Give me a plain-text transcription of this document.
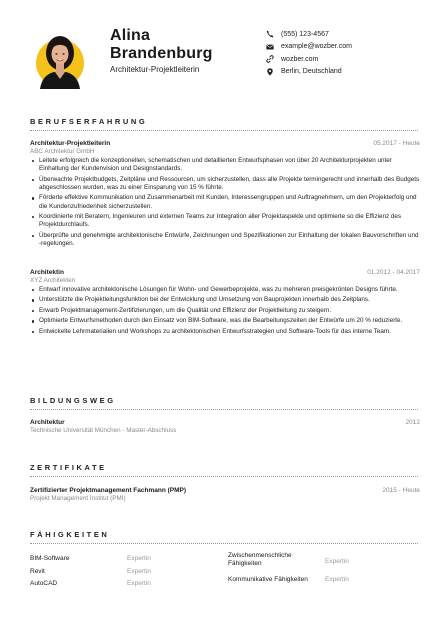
Alina
Brandenburg
Architektur-Projektleiterin
(555) 123-4567
example@wozber.com
wozber.com
Berlin, Deutschland
BERUFSERFAHRUNG
Architektur-Projektleiterin	05.2017 - Heute
ABC Architektur GmbH
Leitete erfolgreich die konzeptionellen, schematischen und detaillierten Entwurfsphasen von über 20 Architekturprojekten unter Einhaltung der Kundenvision und Designstandards.
Überwachte Projektbudgets, Zeitpläne und Ressourcen, um sicherzustellen, dass alle Projekte termingerecht und innerhalb des Budgets abgeschlossen wurden, was zu einer Einsparung von 15 % führte.
Förderte effektive Kommunikation und Zusammenarbeit mit Kunden, Interessengruppen und Auftragnehmern, um den Projekterfolg und die Kundenzufriedenheit sicherzustellen.
Koordinierte mit Beratern, Ingenieuren und externen Teams zur Integration aller Projektaspekte und optimierte so die Effizienz des Projektdurchlaufs.
Überprüfte und genehmigte architektonische Entwürfe, Zeichnungen und Spezifikationen zur Einhaltung der lokalen Bauvorschriften und -regelungen.
Architektin	01.2012 - 04.2017
XYZ Architekten
Entwarf innovative architektonische Lösungen für Wohn- und Gewerbeprojekte, was zu mehreren preisgekrönten Designs führte.
Unterstützte die Projektleitungsfunktion bei der Entwicklung und Umsetzung von Bauprojekten innerhalb des Zeitplans.
Erwarb Projektmanagement-Zertifizierungen, um die Qualität und Effizienz der Projektleitung zu steigern.
Optimierte Entwurfsmethoden durch den Einsatz von BIM-Software, was die Bearbeitungszeiten der Entwürfe um 20 % reduzierte.
Entwickelte Lehrmaterialien und Workshops zu architektonischen Entwurfsstrategien und Software-Tools für das interne Team.
BILDUNGSWEG
Architektur	2012
Technische Universität München - Master-Abschluss
ZERTIFIKATE
Zertifizierter Projektmanagement Fachmann (PMP)	2015 - Heute
Projekt Management Institut (PMI)
FÄHIGKEITEN
BIM-Software	Expertin
Revit	Expertin
AutoCAD	Expertin
Zwischenmenschliche
Fähigkeiten	Expertin
Kommunikative Fähigkeiten	Expertin
